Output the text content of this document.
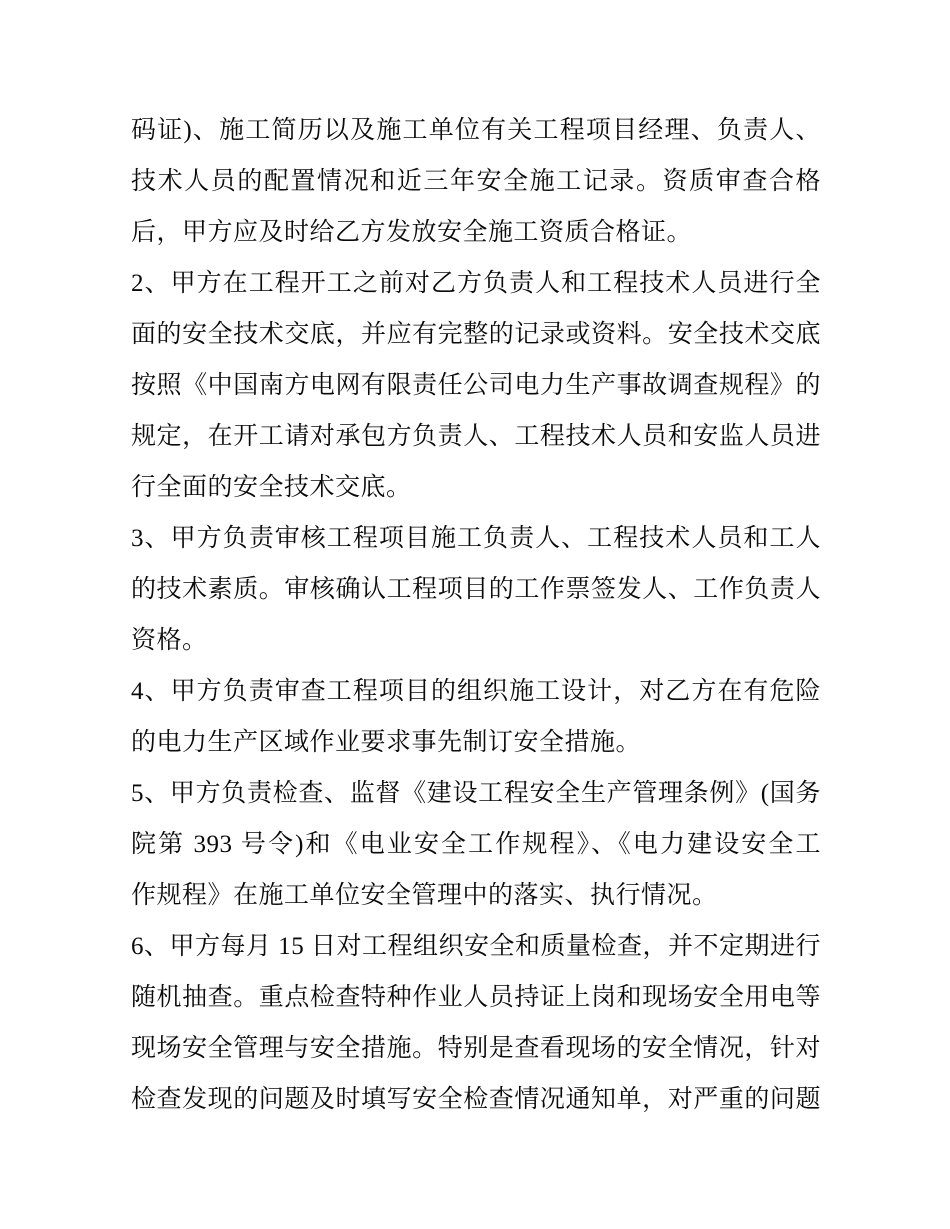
码证)、施工简历以及施工单位有关工程项目经理、负责人、
技术人员的配置情况和近三年安全施工记录。资质审查合格
后，甲方应及时给乙方发放安全施工资质合格证。
2、甲方在工程开工之前对乙方负责人和工程技术人员进行全
面的安全技术交底，并应有完整的记录或资料。安全技术交底
按照《中国南方电网有限责任公司电力生产事故调查规程》的
规定，在开工请对承包方负责人、工程技术人员和安监人员进
行全面的安全技术交底。
3、甲方负责审核工程项目施工负责人、工程技术人员和工人
的技术素质。审核确认工程项目的工作票签发人、工作负责人
资格。
4、甲方负责审查工程项目的组织施工设计，对乙方在有危险
的电力生产区域作业要求事先制订安全措施。
5、甲方负责检查、监督《建设工程安全生产管理条例》(国务
院第 393 号令)和《电业安全工作规程》、《电力建设安全工
作规程》在施工单位安全管理中的落实、执行情况。
6、甲方每月 15 日对工程组织安全和质量检查，并不定期进行
随机抽查。重点检查特种作业人员持证上岗和现场安全用电等
现场安全管理与安全措施。特别是查看现场的安全情况，针对
检查发现的问题及时填写安全检查情况通知单，对严重的问题
